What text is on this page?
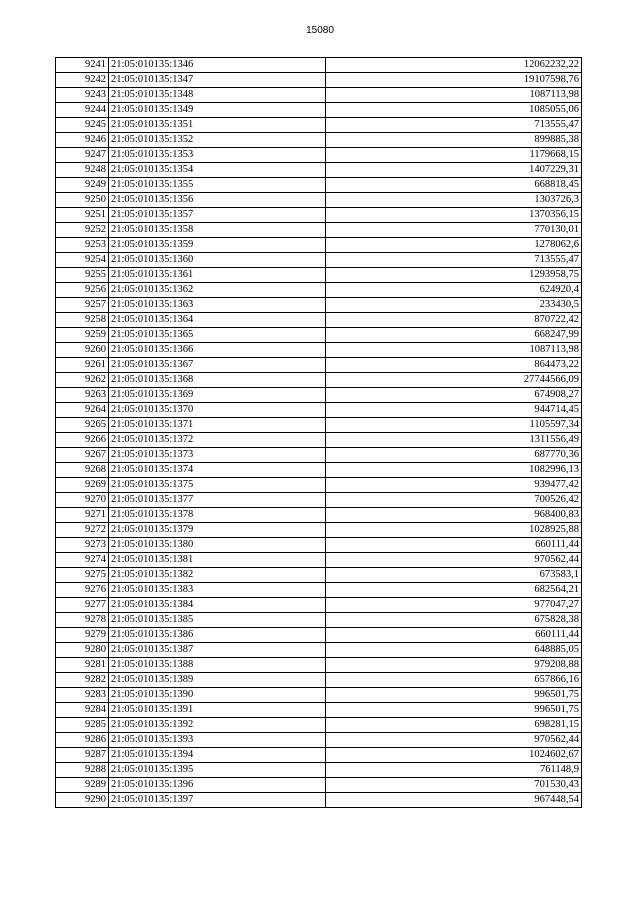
15080
9241	21:05:010135:1346	12062232,22
9242	21:05:010135:1347	19107598,76
9243	21:05:010135:1348	1087113,98
9244	21:05:010135:1349	1085055,06
9245	21:05:010135:1351	713555,47
9246	21:05:010135:1352	899885,38
9247	21:05:010135:1353	1179668,15
9248	21:05:010135:1354	1407229,31
9249	21:05:010135:1355	668818,45
9250	21:05:010135:1356	1303726,3
9251	21:05:010135:1357	1370356,15
9252	21:05:010135:1358	770130,01
9253	21:05:010135:1359	1278062,6
9254	21:05:010135:1360	713555,47
9255	21:05:010135:1361	1293958,75
9256	21:05:010135:1362	624920,4
9257	21:05:010135:1363	233430,5
9258	21:05:010135:1364	870722,42
9259	21:05:010135:1365	668247,99
9260	21:05:010135:1366	1087113,98
9261	21:05:010135:1367	864473,22
9262	21:05:010135:1368	27744566,09
9263	21:05:010135:1369	674908,27
9264	21:05:010135:1370	944714,45
9265	21:05:010135:1371	1105597,34
9266	21:05:010135:1372	1311556,49
9267	21:05:010135:1373	687770,36
9268	21:05:010135:1374	1082996,13
9269	21:05:010135:1375	939477,42
9270	21:05:010135:1377	700526,42
9271	21:05:010135:1378	968400,83
9272	21:05:010135:1379	1028925,88
9273	21:05:010135:1380	660111,44
9274	21:05:010135:1381	970562,44
9275	21:05:010135:1382	673583,1
9276	21:05:010135:1383	682564,21
9277	21:05:010135:1384	977047,27
9278	21:05:010135:1385	675828,38
9279	21:05:010135:1386	660111,44
9280	21:05:010135:1387	648885,05
9281	21:05:010135:1388	979208,88
9282	21:05:010135:1389	657866,16
9283	21:05:010135:1390	996501,75
9284	21:05:010135:1391	996501,75
9285	21:05:010135:1392	698281,15
9286	21:05:010135:1393	970562,44
9287	21:05:010135:1394	1024602,67
9288	21:05:010135:1395	761148,9
9289	21:05:010135:1396	701530,43
9290	21:05:010135:1397	967448,54
